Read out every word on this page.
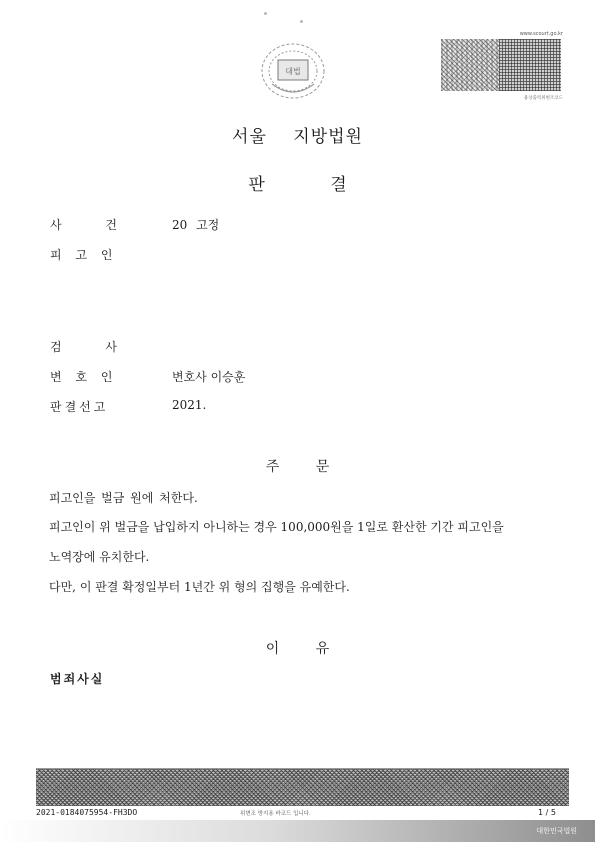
대법
www.scourt.go.kr
용상출력위변조코드
서울 지방법원
판 결
사 건	20 고정
피 고 인
검 사
변 호 인	변호사 이승훈
판결선고	2021.
주 문
피고인을 벌금 원에 처한다.
피고인이 위 벌금을 납입하지 아니하는 경우 100,000원을 1일로 환산한 기간 피고인을
노역장에 유치한다.
다만, 이 판결 확정일부터 1년간 위 형의 집행을 유예한다.
이 유
범죄사실
2021-0184075954-FH3DO	위변조 방지용 바코드 입니다.	1 / 5
대한민국법원
